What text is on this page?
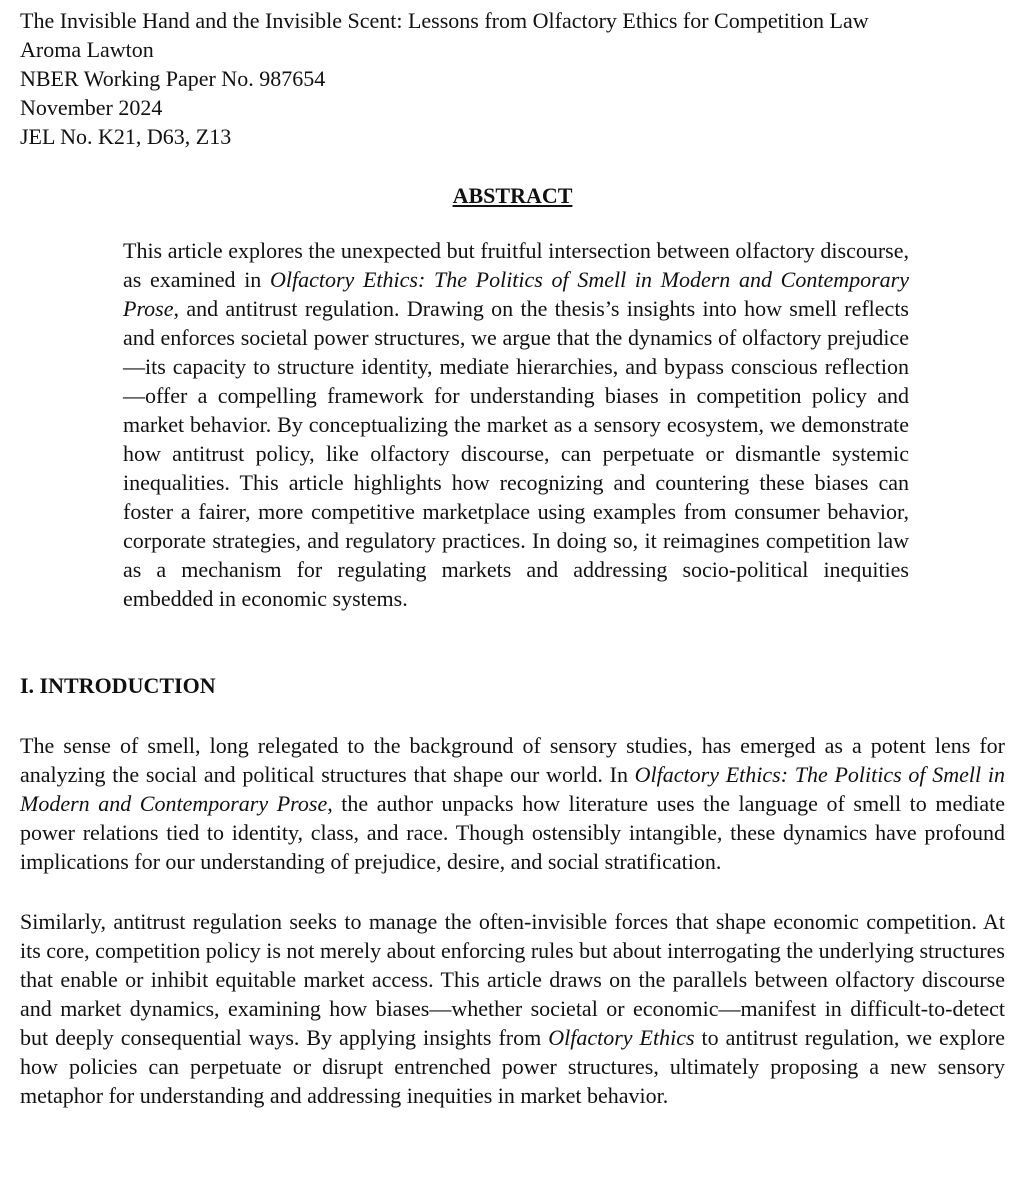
The Invisible Hand and the Invisible Scent: Lessons from Olfactory Ethics for Competition Law
Aroma Lawton
NBER Working Paper No. 987654
November 2024
JEL No. K21, D63, Z13
ABSTRACT
This article explores the unexpected but fruitful intersection between olfactory discourse, as examined in Olfactory Ethics: The Politics of Smell in Modern and Contemporary Prose, and antitrust regulation. Drawing on the thesis’s insights into how smell reflects and enforces societal power structures, we argue that the dynamics of olfactory prejudice—its capacity to structure identity, mediate hierarchies, and bypass conscious reflection—offer a compelling framework for understanding biases in competition policy and market behavior. By conceptualizing the market as a sensory ecosystem, we demonstrate how antitrust policy, like olfactory discourse, can perpetuate or dismantle systemic inequalities. This article highlights how recognizing and countering these biases can foster a fairer, more competitive marketplace using examples from consumer behavior, corporate strategies, and regulatory practices. In doing so, it reimagines competition law as a mechanism for regulating markets and addressing socio-political inequities embedded in economic systems.
I. INTRODUCTION

The sense of smell, long relegated to the background of sensory studies, has emerged as a potent lens for analyzing the social and political structures that shape our world. In Olfactory Ethics: The Politics of Smell in Modern and Contemporary Prose, the author unpacks how literature uses the language of smell to mediate power relations tied to identity, class, and race. Though ostensibly intangible, these dynamics have profound implications for our understanding of prejudice, desire, and social stratification.

Similarly, antitrust regulation seeks to manage the often-invisible forces that shape economic competition. At its core, competition policy is not merely about enforcing rules but about interrogating the underlying structures that enable or inhibit equitable market access. This article draws on the parallels between olfactory discourse and market dynamics, examining how biases—whether societal or economic—manifest in difficult-to-detect but deeply consequential ways. By applying insights from Olfactory Ethics to antitrust regulation, we explore how policies can perpetuate or disrupt entrenched power structures, ultimately proposing a new sensory metaphor for understanding and addressing inequities in market behavior.
